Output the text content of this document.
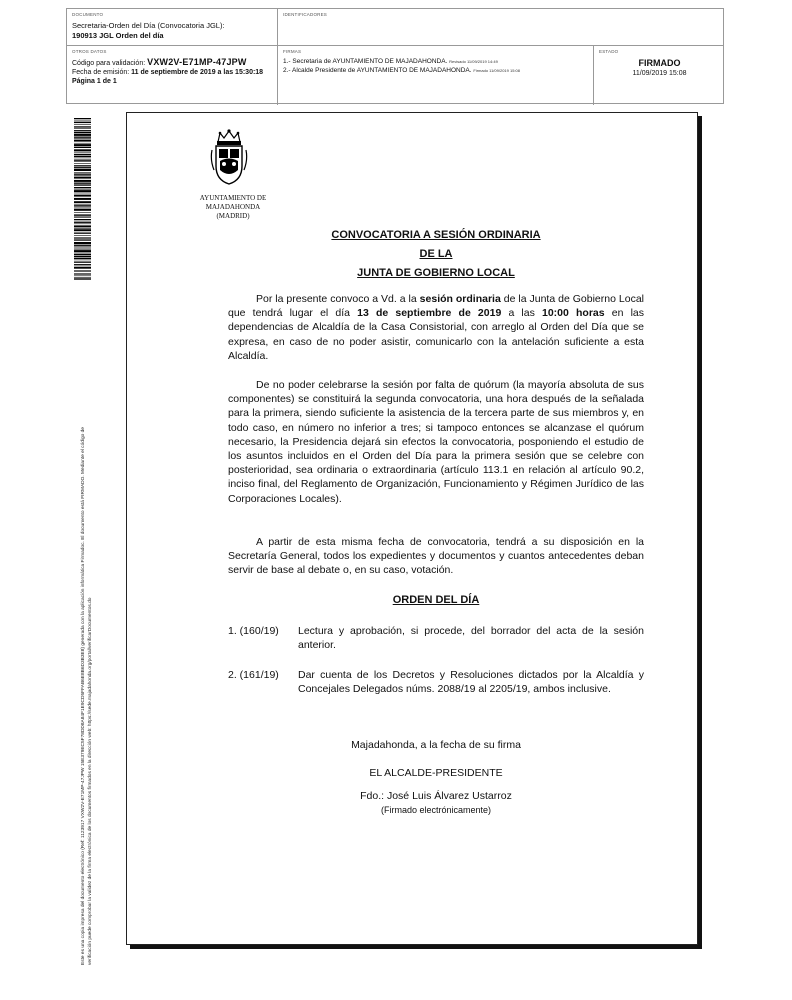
DOCUMENTO
Secretaria-Orden del Día (Convocatoria JGL):
190913 JGL Orden del día
IDENTIFICADORES
OTROS DATOS
Código para validación: VXW2V-E71MP-47JPW
Fecha de emisión: 11 de septiembre de 2019 a las 15:30:18
Página 1 de 1
FIRMAS
1.- Secretaria de AYUNTAMIENTO DE MAJADAHONDA. Revisado 11/09/2019 14:49
2.- Alcalde Presidente de AYUNTAMIENTO DE MAJADAHONDA. Firmado 11/09/2019 15:08
ESTADO
FIRMADO
11/09/2019 15:08
Este es una copia impresa del documento electrónico (Ref: 1123917 VXW2V-E71MP-47JPW 15E379EC5F78DD8A84F1E9CD5FFAB6E8B6D3B3E8) generada con la aplicación informática Firmadoc. El documento está FIRMADO. Mediante el código de verificación puede comprobar la validez de la firma electrónica de los documentos firmados en la dirección web: https://sede.majadahonda.org/portal/verificarDocumentos.do
AYUNTAMIENTO DE
MAJADAHONDA
(MADRID)
CONVOCATORIA A SESIÓN ORDINARIA
DE LA
JUNTA DE GOBIERNO LOCAL
Por la presente convoco a Vd. a la sesión ordinaria de la Junta de Gobierno Local que tendrá lugar el día 13 de septiembre de 2019 a las 10:00 horas en las dependencias de Alcaldía de la Casa Consistorial, con arreglo al Orden del Día que se expresa, en caso de no poder asistir, comunicarlo con la antelación suficiente a esta Alcaldía.
De no poder celebrarse la sesión por falta de quórum (la mayoría absoluta de sus componentes) se constituirá la segunda convocatoria, una hora después de la señalada para la primera, siendo suficiente la asistencia de la tercera parte de sus miembros y, en todo caso, en número no inferior a tres; si tampoco entonces se alcanzase el quórum necesario, la Presidencia dejará sin efectos la convocatoria, posponiendo el estudio de los asuntos incluidos en el Orden del Día para la primera sesión que se celebre con posterioridad, sea ordinaria o extraordinaria (artículo 113.1 en relación al artículo 90.2, inciso final, del Reglamento de Organización, Funcionamiento y Régimen Jurídico de las Corporaciones Locales).
A partir de esta misma fecha de convocatoria, tendrá a su disposición en la Secretaría General, todos los expedientes y documentos y cuantos antecedentes deban servir de base al debate o, en su caso, votación.
ORDEN DEL DÍA
1. (160/19) Lectura y aprobación, si procede, del borrador del acta de la sesión anterior.
2. (161/19) Dar cuenta de los Decretos y Resoluciones dictados por la Alcaldía y Concejales Delegados núms. 2088/19 al 2205/19, ambos inclusive.
Majadahonda, a la fecha de su firma
EL ALCALDE-PRESIDENTE
Fdo.: José Luis Álvarez Ustarroz
(Firmado electrónicamente)
